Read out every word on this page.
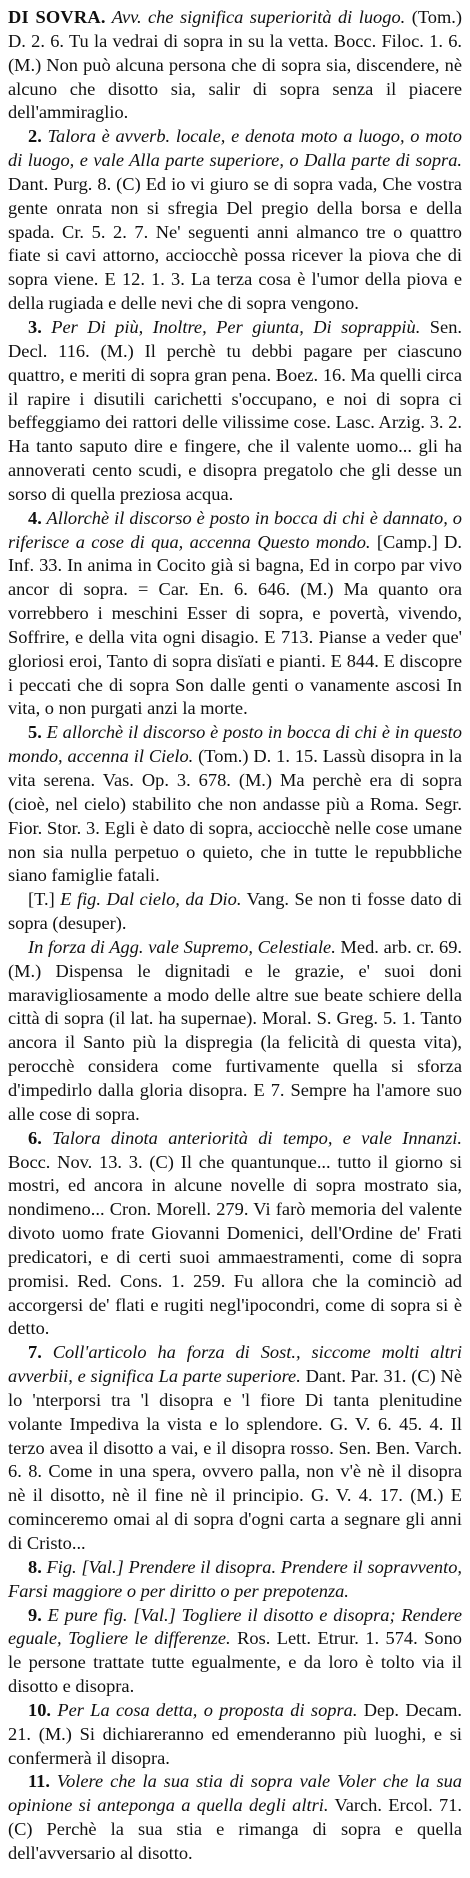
DI SOVRA. Avv. che significa superiorità di luogo. (Tom.) D. 2. 6. Tu la vedrai di sopra in su la vetta. Bocc. Filoc. 1. 6. (M.) Non può alcuna persona che di sopra sia, discendere, nè alcuno che disotto sia, salir di sopra senza il piacere dell'ammiraglio.

2. Talora è avverb. locale, e denota moto a luogo, o moto di luogo, e vale Alla parte superiore, o Dalla parte di sopra. Dant. Purg. 8. (C) Ed io vi giuro se di sopra vada, Che vostra gente onrata non si sfregia Del pregio della borsa e della spada. Cr. 5. 2. 7. Ne' seguenti anni almanco tre o quattro fiate si cavi attorno, acciocchè possa ricever la piova che di sopra viene. E 12. 1. 3. La terza cosa è l'umor della piova e della rugiada e delle nevi che di sopra vengono.

3. Per Di più, Inoltre, Per giunta, Di soprappiù. Sen. Decl. 116. (M.) Il perchè tu debbi pagare per ciascuno quattro, e meriti di sopra gran pena. Boez. 16. Ma quelli circa il rapire i disutili carichetti s'occupano, e noi di sopra ci beffeggiamo dei rattori delle vilissime cose. Lasc. Arzig. 3. 2. Ha tanto saputo dire e fingere, che il valente uomo... gli ha annoverati cento scudi, e disopra pregatolo che gli desse un sorso di quella preziosa acqua.

4. Allorchè il discorso è posto in bocca di chi è dannato, o riferisce a cose di qua, accenna Questo mondo. [Camp.] D. Inf. 33. In anima in Cocito già si bagna, Ed in corpo par vivo ancor di sopra. = Car. En. 6. 646. (M.) Ma quanto ora vorrebbero i meschini Esser di sopra, e povertà, vivendo, Soffrire, e della vita ogni disagio. E 713. Pianse a veder que' gloriosi eroi, Tanto di sopra disïati e pianti. E 844. E discopre i peccati che di sopra Son dalle genti o vanamente ascosi In vita, o non purgati anzi la morte.

5. E allorchè il discorso è posto in bocca di chi è in questo mondo, accenna il Cielo. (Tom.) D. 1. 15. Lassù disopra in la vita serena. Vas. Op. 3. 678. (M.) Ma perchè era di sopra (cioè, nel cielo) stabilito che non andasse più a Roma. Segr. Fior. Stor. 3. Egli è dato di sopra, acciocchè nelle cose umane non sia nulla perpetuo o quieto, che in tutte le repubbliche siano famiglie fatali.

[T.] E fig. Dal cielo, da Dio. Vang. Se non ti fosse dato di sopra (desuper).

In forza di Agg. vale Supremo, Celestiale. Med. arb. cr. 69. (M.) Dispensa le dignitadi e le grazie, e' suoi doni maravigliosamente a modo delle altre sue beate schiere della città di sopra (il lat. ha supernae). Moral. S. Greg. 5. 1. Tanto ancora il Santo più la dispregia (la felicità di questa vita), perocchè considera come furtivamente quella si sforza d'impedirlo dalla gloria disopra. E 7. Sempre ha l'amore suo alle cose di sopra.

6. Talora dinota anteriorità di tempo, e vale Innanzi. Bocc. Nov. 13. 3. (C) Il che quantunque... tutto il giorno si mostri, ed ancora in alcune novelle di sopra mostrato sia, nondimeno... Cron. Morell. 279. Vi farò memoria del valente divoto uomo frate Giovanni Domenici, dell'Ordine de' Frati predicatori, e di certi suoi ammaestramenti, come di sopra promisi. Red. Cons. 1. 259. Fu allora che la cominciò ad accorgersi de' flati e rugiti negl'ipocondri, come di sopra si è detto.

7. Coll'articolo ha forza di Sost., siccome molti altri avverbii, e significa La parte superiore. Dant. Par. 31. (C) Nè lo 'nterporsi tra 'l disopra e 'l fiore Di tanta plenitudine volante Impediva la vista e lo splendore. G. V. 6. 45. 4. Il terzo avea il disotto a vai, e il disopra rosso. Sen. Ben. Varch. 6. 8. Come in una spera, ovvero palla, non v'è nè il disopra nè il disotto, nè il fine nè il principio. G. V. 4. 17. (M.) E cominceremo omai al di sopra d'ogni carta a segnare gli anni di Cristo...

8. Fig. [Val.] Prendere il disopra. Prendere il sopravvento, Farsi maggiore o per diritto o per prepotenza.

9. E pure fig. [Val.] Togliere il disotto e disopra; Rendere eguale, Togliere le differenze. Ros. Lett. Etrur. 1. 574. Sono le persone trattate tutte egualmente, e da loro è tolto via il disotto e disopra.

10. Per La cosa detta, o proposta di sopra. Dep. Decam. 21. (M.) Si dichiareranno ed emenderanno più luoghi, e si confermerà il disopra.

11. Volere che la sua stia di sopra vale Voler che la sua opinione si anteponga a quella degli altri. Varch. Ercol. 71. (C) Perchè la sua stia e rimanga di sopra e quella dell'avversario al disotto.
